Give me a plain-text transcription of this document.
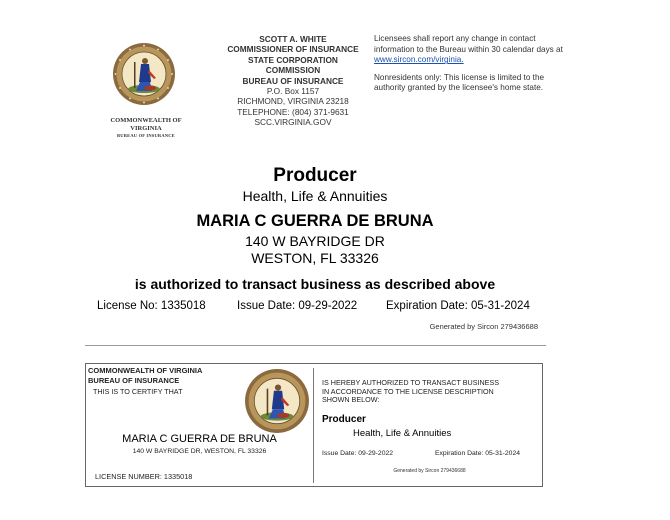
COMMONWEALTH OF
VIRGINIA
BUREAU OF INSURANCE
SCOTT A. WHITE
COMMISSIONER OF INSURANCE
STATE CORPORATION
COMMISSION
BUREAU OF INSURANCE
P.O. Box 1157
RICHMOND, VIRGINIA 23218
TELEPHONE: (804) 371-9631
SCC.VIRGINIA.GOV
Licensees shall report any change in contact
information to the Bureau within 30 calendar days at
www.sircon.com/virginia.
Nonresidents only: This license is limited to the
authority granted by the licensee's home state.
Producer
Health, Life & Annuities
MARIA C GUERRA DE BRUNA
140 W BAYRIDGE DR
WESTON, FL 33326
is authorized to transact business as described above
License No: 1335018	Issue Date: 09-29-2022	Expiration Date: 05-31-2024
Generated by Sircon 279436688
COMMONWEALTH OF VIRGINIA
BUREAU OF INSURANCE
THIS IS TO CERTIFY THAT
MARIA C GUERRA DE BRUNA
140 W BAYRIDGE DR, WESTON, FL 33326
LICENSE NUMBER: 1335018
IS HEREBY AUTHORIZED TO TRANSACT BUSINESS
IN ACCORDANCE TO THE LICENSE DESCRIPTION
SHOWN BELOW:
Producer
Health, Life & Annuities
Issue Date: 09-29-2022	Expiration Date: 05-31-2024
Generated by Sircon 279436688
